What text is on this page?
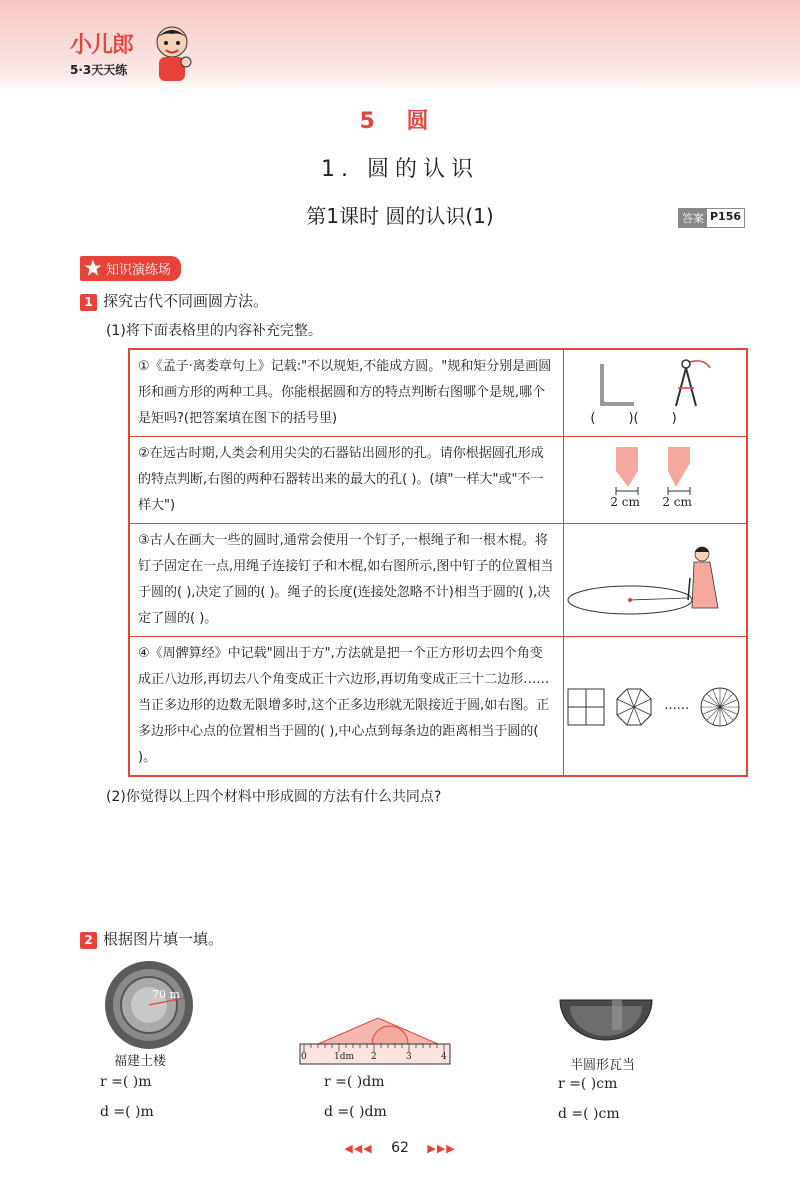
小儿郎
5·3天天练
5 圆
1. 圆的认识
第1课时 圆的认识(1)	答案 P156
知识演练场
1 探究古代不同画圆方法。
(1)将下面表格里的内容补充完整。
①《孟子·离娄章句上》记载:"不以规矩,不能成方圆。"规和矩分别是画圆形和画方形的两种工具。你能根据圆和方的特点判断右图哪个是规,哪个是矩吗?(把答案填在图下的括号里)	(        )(        )

②在远古时期,人类会利用尖尖的石器钻出圆形的孔。请你根据圆孔形成的特点判断,右图的两种石器转出来的最大的孔( )。(填"一样大"或"不一样大")	2 cm 2 cm

③古人在画大一些的圆时,通常会使用一个钉子,一根绳子和一根木棍。将钉子固定在一点,用绳子连接钉子和木棍,如右图所示,图中钉子的位置相当于圆的( ),决定了圆的( )。绳子的长度(连接处忽略不计)相当于圆的( ),决定了圆的( )。	

④《周髀算经》中记载"圆出于方",方法就是把一个正方形切去四个角变成正八边形,再切去八个角变成正十六边形,再切角变成正三十二边形……当正多边形的边数无限增多时,这个正多边形就无限接近于圆,如右图。正多边形中心点的位置相当于圆的( ),中心点到每条边的距离相当于圆的( )。	······
(2)你觉得以上四个材料中形成圆的方法有什么共同点?
2 根据图片填一填。
70 m
福建土楼
r =( )m
d =( )m
0	1dm 2	3	4
r =( )dm
d =( )dm
半圆形瓦当
r =( )cm
d =( )cm
◀◀◀ 62 ▶▶▶
